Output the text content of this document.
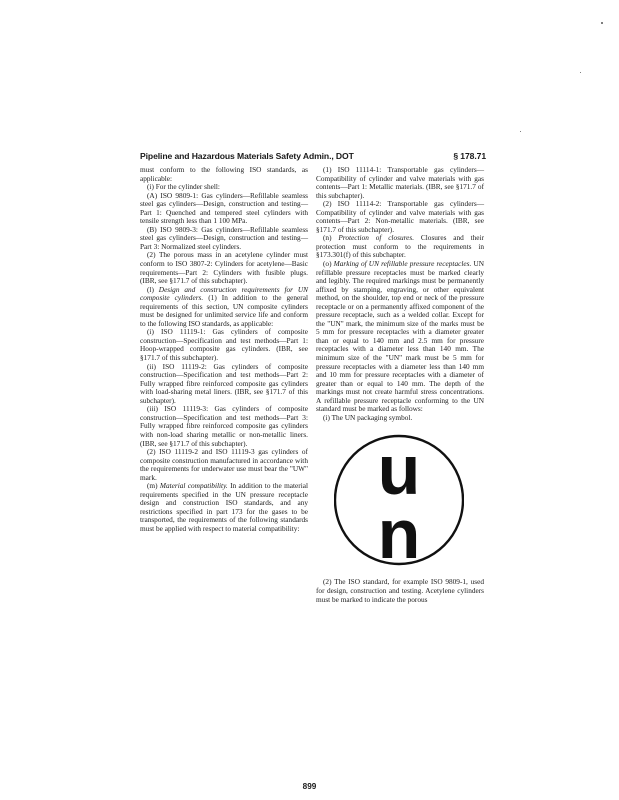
Pipeline and Hazardous Materials Safety Admin., DOT	§ 178.71

must conform to the following ISO standards, as applicable:

(i) For the cylinder shell:

(A) ISO 9809-1: Gas cylinders—Refillable seamless steel gas cylinders—Design, construction and testing—Part 1: Quenched and tempered steel cylinders with tensile strength less than 1 100 MPa.

(B) ISO 9809-3: Gas cylinders—Refillable seamless steel gas cylinders—Design, construction and testing—Part 3: Normalized steel cylinders.

(2) The porous mass in an acetylene cylinder must conform to ISO 3807-2: Cylinders for acetylene—Basic requirements—Part 2: Cylinders with fusible plugs. (IBR, see §171.7 of this subchapter).

(l) Design and construction requirements for UN composite cylinders. (1) In addition to the general requirements of this section, UN composite cylinders must be designed for unlimited service life and conform to the following ISO standards, as applicable:

(i) ISO 11119-1: Gas cylinders of composite construction—Specification and test methods—Part 1: Hoop-wrapped composite gas cylinders. (IBR, see §171.7 of this subchapter).

(ii) ISO 11119-2: Gas cylinders of composite construction—Specification and test methods—Part 2: Fully wrapped fibre reinforced composite gas cylinders with load-sharing metal liners. (IBR, see §171.7 of this subchapter).

(iii) ISO 11119-3: Gas cylinders of composite construction—Specification and test methods—Part 3: Fully wrapped fibre reinforced composite gas cylinders with non-load sharing metallic or non-metallic liners. (IBR, see §171.7 of this subchapter).

(2) ISO 11119-2 and ISO 11119-3 gas cylinders of composite construction manufactured in accordance with the requirements for underwater use must bear the "UW" mark.

(m) Material compatibility. In addition to the material requirements specified in the UN pressure receptacle design and construction ISO standards, and any restrictions specified in part 173 for the gases to be transported, the requirements of the following standards must be applied with respect to material compatibility:

(1) ISO 11114-1: Transportable gas cylinders—Compatibility of cylinder and valve materials with gas contents—Part 1: Metallic materials. (IBR, see §171.7 of this subchapter).

(2) ISO 11114-2: Transportable gas cylinders—Compatibility of cylinder and valve materials with gas contents—Part 2: Non-metallic materials. (IBR, see §171.7 of this subchapter).

(n) Protection of closures. Closures and their protection must conform to the requirements in §173.301(f) of this subchapter.

(o) Marking of UN refillable pressure receptacles. UN refillable pressure receptacles must be marked clearly and legibly. The required markings must be permanently affixed by stamping, engraving, or other equivalent method, on the shoulder, top end or neck of the pressure receptacle or on a permanently affixed component of the pressure receptacle, such as a welded collar. Except for the "UN" mark, the minimum size of the marks must be 5 mm for pressure receptacles with a diameter greater than or equal to 140 mm and 2.5 mm for pressure receptacles with a diameter less than 140 mm. The minimum size of the "UN" mark must be 5 mm for pressure receptacles with a diameter less than 140 mm and 10 mm for pressure receptacles with a diameter of greater than or equal to 140 mm. The depth of the markings must not create harmful stress concentrations. A refillable pressure receptacle conforming to the UN standard must be marked as follows:

(i) The UN packaging symbol.

u
n

(2) The ISO standard, for example ISO 9809-1, used for design, construction and testing. Acetylene cylinders must be marked to indicate the porous

899
